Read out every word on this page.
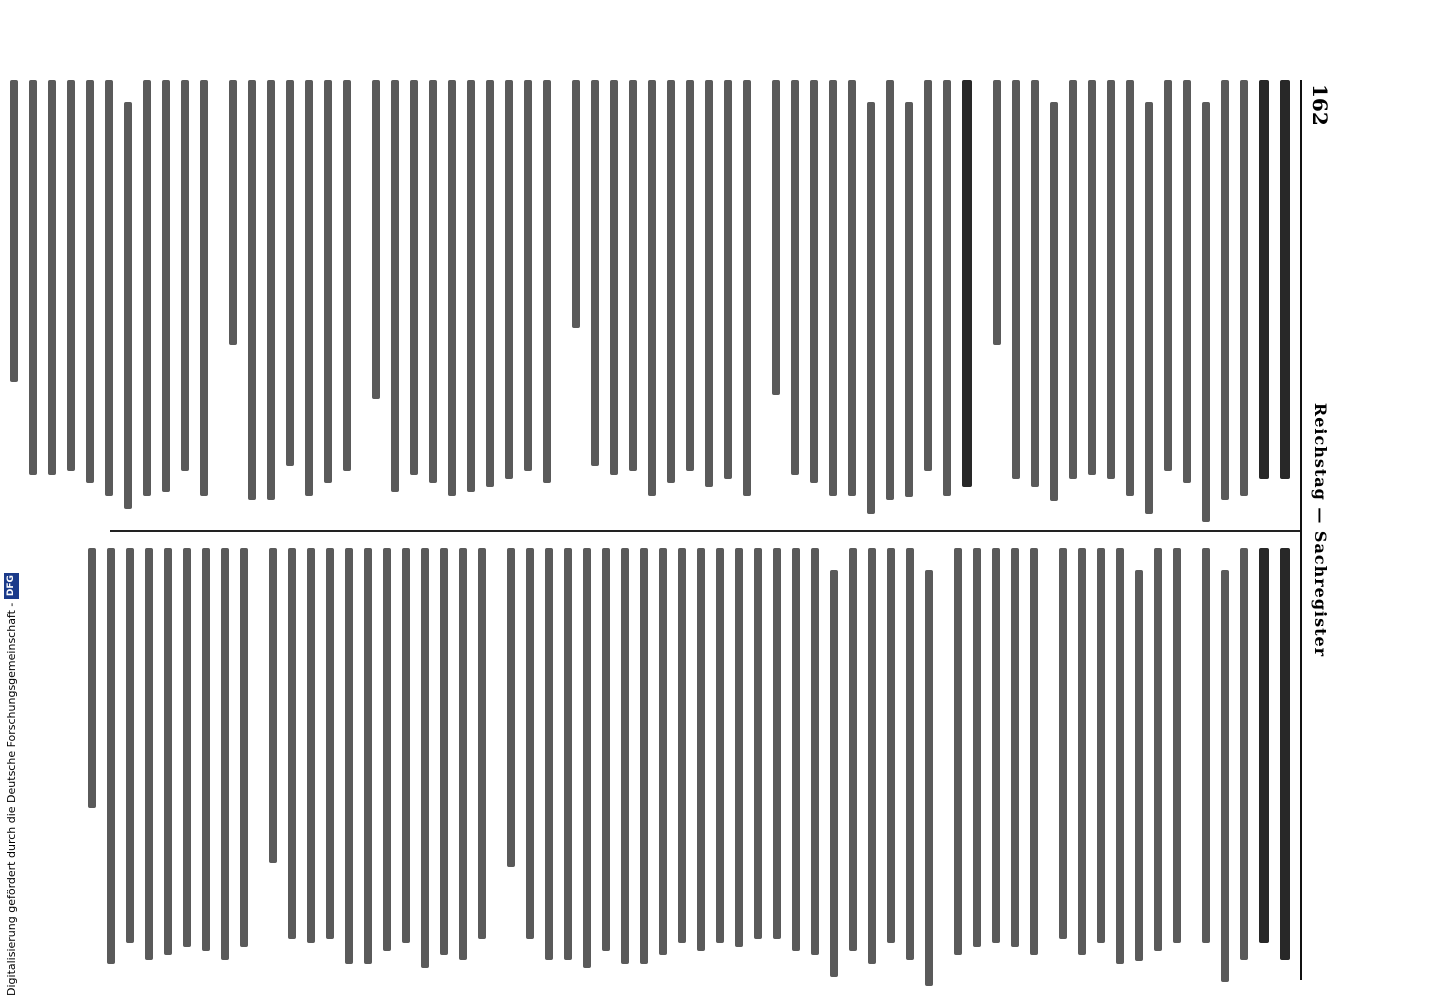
162
Reichstag — Sachregister
Digitalisierung gefördert durch die Deutsche Forschungsgemeinschaft -
DFG
